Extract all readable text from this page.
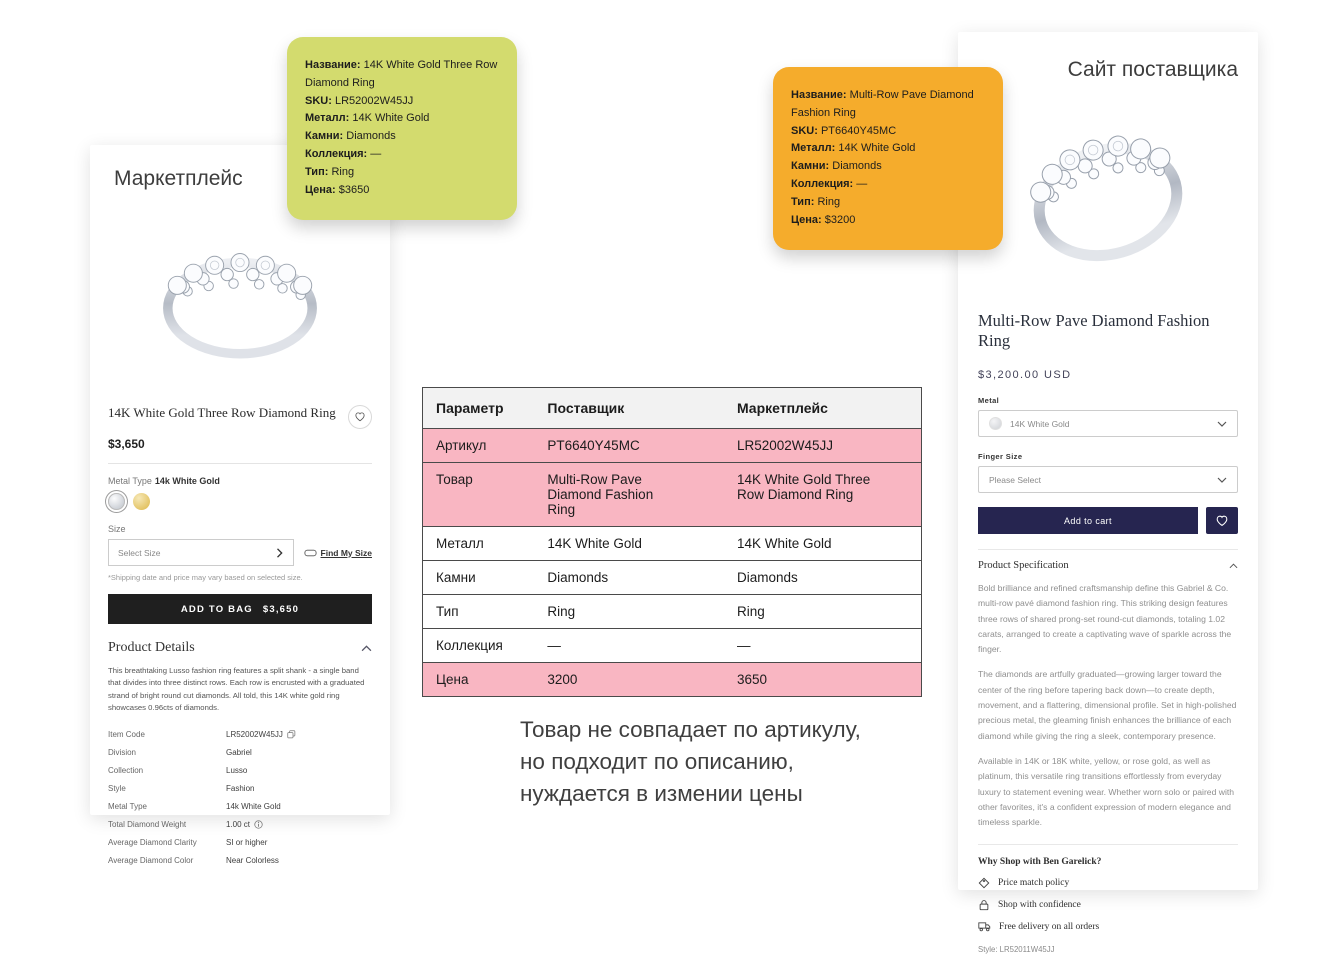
Маркетплейс
14K White Gold Three Row Diamond Ring
$3,650
Metal Type 14k White Gold
Size
Select Size	Find My Size
*Shipping date and price may vary based on selected size.
ADD TO BAG $3,650
Product Details
This breathtaking Lusso fashion ring features a split shank - a single band that divides into three distinct rows. Each row is encrusted with a graduated strand of bright round cut diamonds. All told, this 14K white gold ring showcases 0.96cts of diamonds.
Item Code	LR52002W45JJ
Division	Gabriel
Collection	Lusso
Style	Fashion
Metal Type	14k White Gold
Total Diamond Weight	1.00 ct
Average Diamond Clarity	SI or higher
Average Diamond Color	Near Colorless
Название: 14K White Gold Three Row Diamond Ring
SKU: LR52002W45JJ
Металл: 14K White Gold
Камни: Diamonds
Коллекция: —
Тип: Ring
Цена: $3650
Название: Multi-Row Pave Diamond Fashion Ring
SKU: PT6640Y45MC
Металл: 14K White Gold
Камни: Diamonds
Коллекция: —
Тип: Ring
Цена: $3200
Параметр	Поставщик	Маркетплейс
Артикул	PT6640Y45MC	LR52002W45JJ
Товар	Multi-Row Pave Diamond Fashion Ring	14K White Gold Three Row Diamond Ring
Металл	14K White Gold	14K White Gold
Камни	Diamonds	Diamonds
Тип	Ring	Ring
Коллекция	—	—
Цена	3200	3650
Товар не совпадает по артикулу,
но подходит по описанию,
нуждается в измении цены
Сайт поставщика
Multi-Row Pave Diamond Fashion Ring
$3,200.00 USD
Metal
14K White Gold
Finger Size
Please Select
Add to cart
Product Specification
Bold brilliance and refined craftsmanship define this Gabriel & Co. multi-row pavé diamond fashion ring. This striking design features three rows of shared prong-set round-cut diamonds, totaling 1.02 carats, arranged to create a captivating wave of sparkle across the finger.
The diamonds are artfully graduated—growing larger toward the center of the ring before tapering back down—to create depth, movement, and a flattering, dimensional profile. Set in high-polished precious metal, the gleaming finish enhances the brilliance of each diamond while giving the ring a sleek, contemporary presence.
Available in 14K or 18K white, yellow, or rose gold, as well as platinum, this versatile ring transitions effortlessly from everyday luxury to statement evening wear. Whether worn solo or paired with other favorites, it's a confident expression of modern elegance and timeless sparkle.
Why Shop with Ben Garelick?
Price match policy
Shop with confidence
Free delivery on all orders
Style: LR52011W45JJ
